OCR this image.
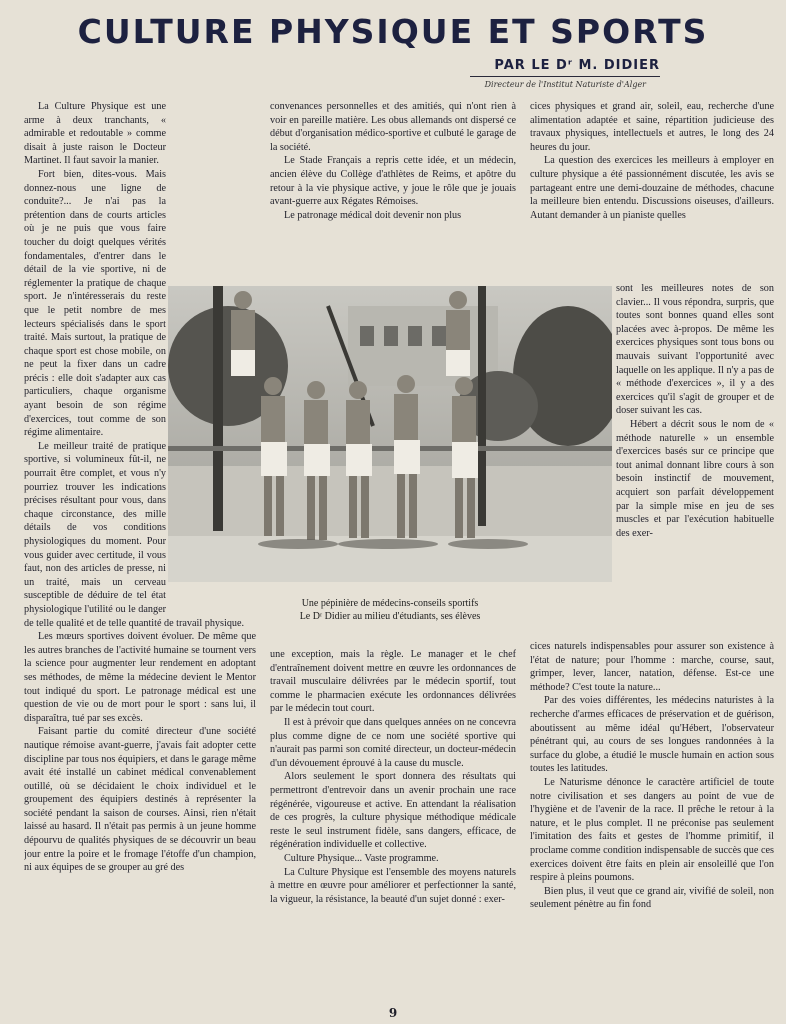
CULTURE PHYSIQUE ET SPORTS
PAR LE Dʳ M. DIDIER
Directeur de l'Institut Naturiste d'Alger

La Culture Physique est une arme à deux tranchants, « admirable et redoutable » comme disait à juste raison le Docteur Martinet. Il faut savoir la manier.

Fort bien, dites-vous. Mais donnez-nous une ligne de conduite?... Je n'ai pas la prétention dans de courts articles où je ne puis que vous faire toucher du doigt quelques vérités fondamentales, d'entrer dans le détail de la vie sportive, ni de réglementer la pratique de chaque sport. Je n'intéresserais du reste que le petit nombre de mes lecteurs spécialisés dans le sport traité. Mais surtout, la pratique de chaque sport est chose mobile, on ne peut la fixer dans un cadre précis : elle doit s'adapter aux cas particuliers, chaque organisme ayant besoin de son régime d'exercices, tout comme de son régime alimentaire.

Le meilleur traité de pratique sportive, si volumineux fût-il, ne pourrait être complet, et vous n'y pourriez trouver les indications précises résultant pour vous, dans chaque circonstance, des mille détails de vos conditions physiologiques du moment. Pour vous guider avec certitude, il vous faut, non des articles de presse, ni un traité, mais un cerveau susceptible de déduire de tel état physiologique l'utilité ou le danger de telle qualité et de telle quantité de travail physique.

Les mœurs sportives doivent évoluer. De même que les autres branches de l'activité humaine se tournent vers la science pour augmenter leur rendement en adoptant ses méthodes, de même la médecine devient le Mentor tout indiqué du sport. Le patronage médical est une question de vie ou de mort pour le sport : sans lui, il disparaîtra, tué par ses excès.

Faisant partie du comité directeur d'une société nautique rémoise avant-guerre, j'avais fait adopter cette discipline par tous nos équipiers, et dans le garage même avait été installé un cabinet médical convenablement outillé, où se décidaient le choix individuel et le groupement des équipiers destinés à représenter la société pendant la saison de courses. Ainsi, rien n'était laissé au hasard. Il n'était pas permis à un jeune homme dépourvu de qualités physiques de se découvrir un beau jour entre la poire et le fromage l'étoffe d'un champion, ni aux équipes de se grouper au gré des

convenances personnelles et des amitiés, qui n'ont rien à voir en pareille matière. Les obus allemands ont dispersé ce début d'organisation médico-sportive et culbuté le garage de la société.

Le Stade Français a repris cette idée, et un médecin, ancien élève du Collège d'athlètes de Reims, et apôtre du retour à la vie physique active, y joue le rôle que je jouais avant-guerre aux Régates Rémoises.

Le patronage médical doit devenir non plus

cices physiques et grand air, soleil, eau, recherche d'une alimentation adaptée et saine, répartition judicieuse des travaux physiques, intellectuels et autres, le long des 24 heures du jour.

La question des exercices les meilleurs à employer en culture physique a été passionnément discutée, les avis se partageant entre une demi-douzaine de méthodes, chacune la meilleure bien entendu. Discussions oiseuses, d'ailleurs. Autant demander à un pianiste quelles

sont les meilleures notes de son clavier... Il vous répondra, surpris, que toutes sont bonnes quand elles sont placées avec à-propos. De même les exercices physiques sont tous bons ou mauvais suivant l'opportunité avec laquelle on les applique. Il n'y a pas de « méthode d'exercices », il y a des exercices qu'il s'agit de grouper et de doser suivant les cas.

Hébert a décrit sous le nom de « méthode naturelle » un ensemble d'exercices basés sur ce principe que tout animal donnant libre cours à son besoin instinctif de mouvement, acquiert son parfait développement par la simple mise en jeu de ses muscles et par l'exécution habituelle des exer-

une exception, mais la règle. Le manager et le chef d'entraînement doivent mettre en œuvre les ordonnances de travail musculaire délivrées par le médecin sportif, tout comme le pharmacien exécute les ordonnances délivrées par le médecin tout court.

Il est à prévoir que dans quelques années on ne concevra plus comme digne de ce nom une société sportive qui n'aurait pas parmi son comité directeur, un docteur-médecin d'un dévouement éprouvé à la cause du muscle.

Alors seulement le sport donnera des résultats qui permettront d'entrevoir dans un avenir prochain une race régénérée, vigoureuse et active. En attendant la réalisation de ces progrès, la culture physique méthodique médicale reste le seul instrument fidèle, sans dangers, efficace, de régénération individuelle et collective.

Culture Physique... Vaste programme.

La Culture Physique est l'ensemble des moyens naturels à mettre en œuvre pour améliorer et perfectionner la santé, la vigueur, la résistance, la beauté d'un sujet donné : exer-

cices naturels indispensables pour assurer son existence à l'état de nature; pour l'homme : marche, course, saut, grimper, lever, lancer, natation, défense. Est-ce une méthode? C'est toute la nature...

Par des voies différentes, les médecins naturistes à la recherche d'armes efficaces de préservation et de guérison, aboutissent au même idéal qu'Hébert, l'observateur pénétrant qui, au cours de ses longues randonnées à la surface du globe, a étudié le muscle humain en action sous toutes les latitudes.

Le Naturisme dénonce le caractère artificiel de toute notre civilisation et ses dangers au point de vue de l'hygiène et de l'avenir de la race. Il prêche le retour à la nature, et le plus complet. Il ne préconise pas seulement l'imitation des faits et gestes de l'homme primitif, il proclame comme condition indispensable de succès que ces exercices doivent être faits en plein air ensoleillé que l'on respire à pleins poumons.

Bien plus, il veut que ce grand air, vivifié de soleil, non seulement pénètre au fin fond

Une pépinière de médecins-conseils sportifs
Le Dʳ Didier au milieu d'étudiants, ses élèves
9
